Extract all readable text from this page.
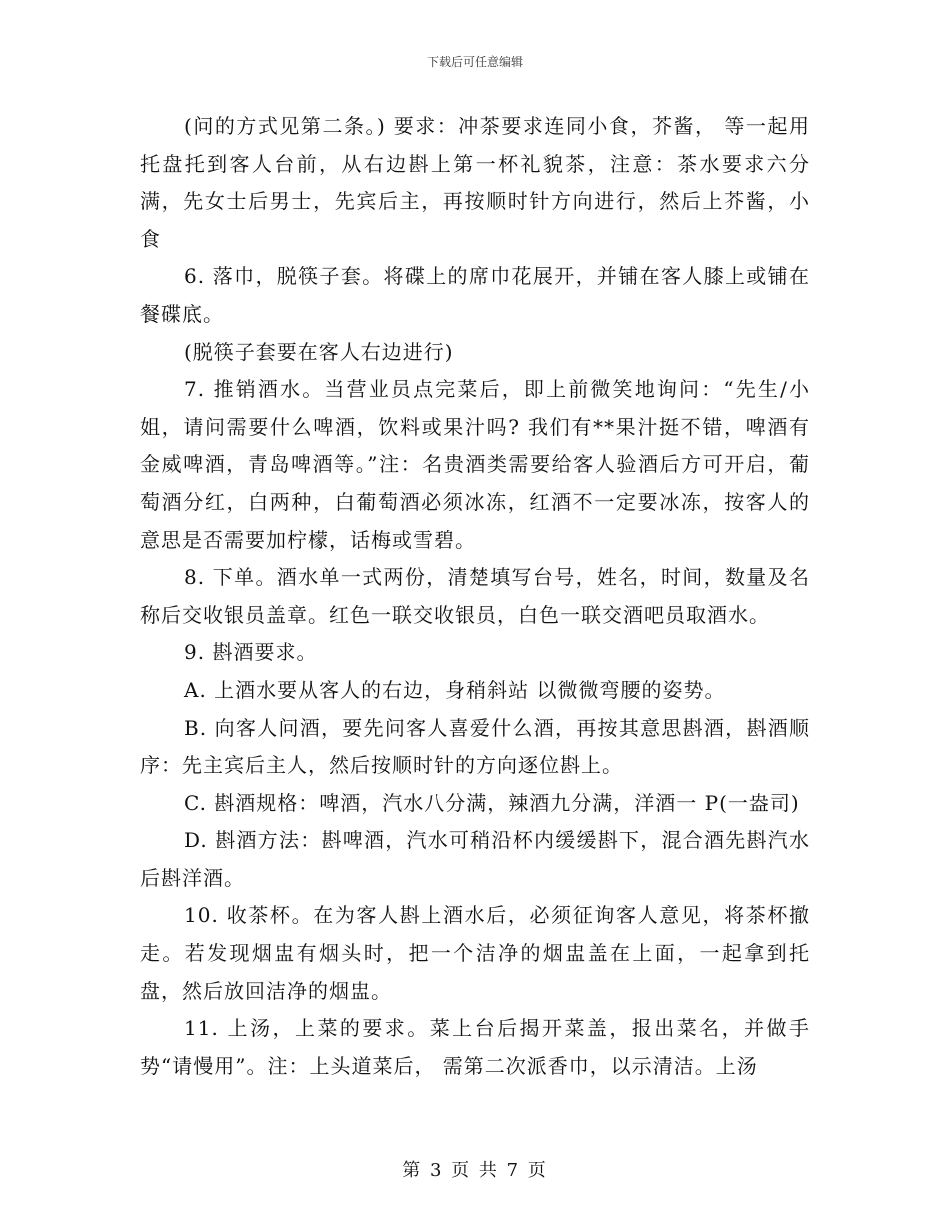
下载后可任意编辑

(问的方式见第二条。) 要求：冲茶要求连同小食，芥酱， 等一起用托盘托到客人台前，从右边斟上第一杯礼貌茶，注意：茶水要求六分满，先女士后男士，先宾后主，再按顺时针方向进行，然后上芥酱，小食

6. 落巾，脱筷子套。将碟上的席巾花展开，并铺在客人膝上或铺在餐碟底。

(脱筷子套要在客人右边进行)

7. 推销酒水。当营业员点完菜后，即上前微笑地询问：“先生/小姐，请问需要什么啤酒，饮料或果汁吗? 我们有**果汁挺不错，啤酒有金威啤酒，青岛啤酒等。”注：名贵酒类需要给客人验酒后方可开启，葡萄酒分红，白两种，白葡萄酒必须冰冻，红酒不一定要冰冻，按客人的意思是否需要加柠檬，话梅或雪碧。

8. 下单。酒水单一式两份，清楚填写台号，姓名，时间，数量及名称后交收银员盖章。红色一联交收银员，白色一联交酒吧员取酒水。

9. 斟酒要求。

A. 上酒水要从客人的右边，身稍斜站 以微微弯腰的姿势。

B. 向客人问酒，要先问客人喜爱什么酒，再按其意思斟酒，斟酒顺序：先主宾后主人，然后按顺时针的方向逐位斟上。

C. 斟酒规格：啤酒，汽水八分满，辣酒九分满，洋酒一 P(一盎司)

D. 斟酒方法：斟啤酒，汽水可稍沿杯内缓缓斟下，混合酒先斟汽水后斟洋酒。

10. 收茶杯。在为客人斟上酒水后，必须征询客人意见，将茶杯撤走。若发现烟盅有烟头时，把一个洁净的烟盅盖在上面，一起拿到托盘，然后放回洁净的烟盅。

11. 上汤，上菜的要求。菜上台后揭开菜盖，报出菜名，并做手势“请慢用”。注：上头道菜后， 需第二次派香巾，以示清洁。上汤

第 3 页 共 7 页
